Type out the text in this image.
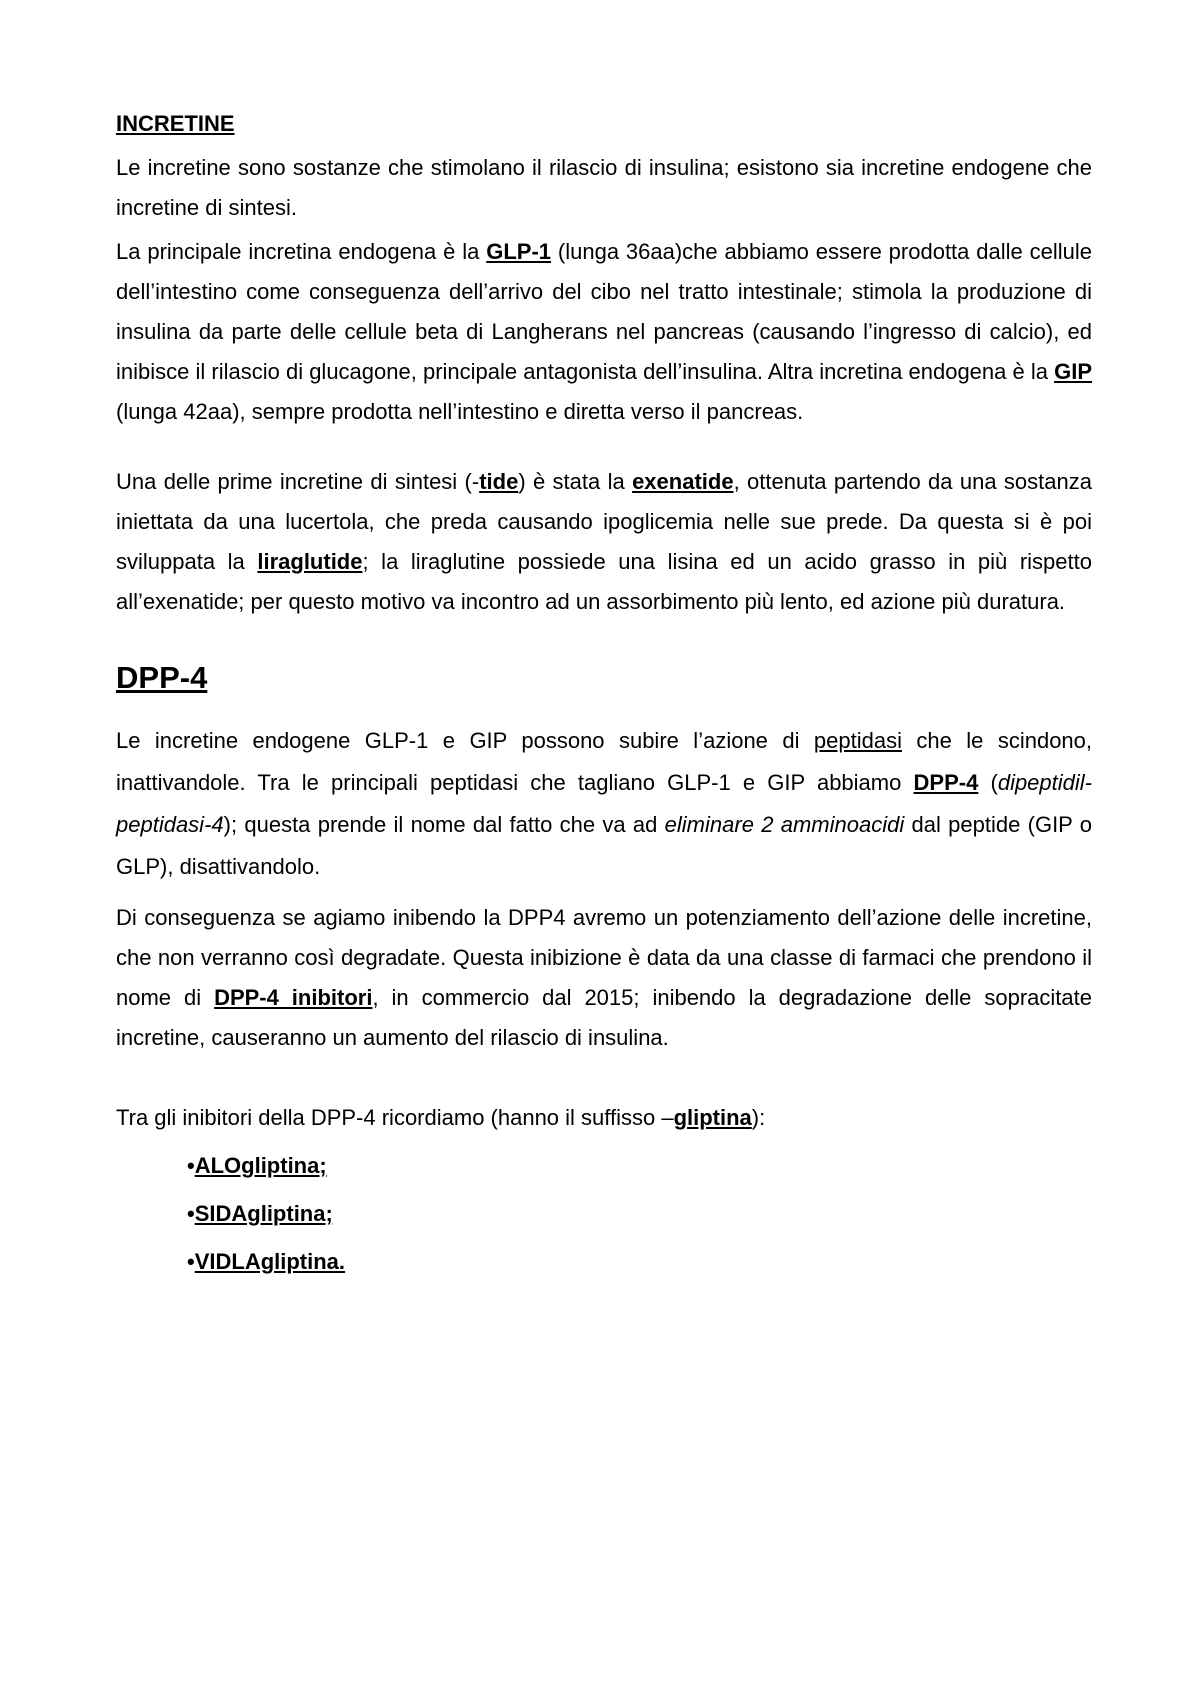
INCRETINE

Le incretine sono sostanze che stimolano il rilascio di insulina; esistono sia incretine endogene che incretine di sintesi.

La principale incretina endogena è la GLP-1 (lunga 36aa)che abbiamo essere prodotta dalle cellule dell’intestino come conseguenza dell’arrivo del cibo nel tratto intestinale; stimola la produzione di insulina da parte delle cellule beta di Langherans nel pancreas (causando l’ingresso di calcio), ed inibisce il rilascio di glucagone, principale antagonista dell’insulina. Altra incretina endogena è la GIP (lunga 42aa), sempre prodotta nell’intestino e diretta verso il pancreas.

Una delle prime incretine di sintesi (-tide) è stata la exenatide, ottenuta partendo da una sostanza iniettata da una lucertola, che preda causando ipoglicemia nelle sue prede. Da questa si è poi sviluppata la liraglutide; la liraglutine possiede una lisina ed un acido grasso in più rispetto all’exenatide; per questo motivo va incontro ad un assorbimento più lento, ed azione più duratura.

DPP-4

Le incretine endogene GLP-1 e GIP possono subire l’azione di peptidasi che le scindono, inattivandole. Tra le principali peptidasi che tagliano GLP-1 e GIP abbiamo DPP-4 (dipeptidil-peptidasi-4); questa prende il nome dal fatto che va ad eliminare 2 amminoacidi dal peptide (GIP o GLP), disattivandolo.

Di conseguenza se agiamo inibendo la DPP4 avremo un potenziamento dell’azione delle incretine, che non verranno così degradate. Questa inibizione è data da una classe di farmaci che prendono il nome di DPP-4 inibitori, in commercio dal 2015; inibendo la degradazione delle sopracitate incretine, causeranno un aumento del rilascio di insulina.

Tra gli inibitori della DPP-4 ricordiamo (hanno il suffisso –gliptina):

•ALOgliptina;
•SIDAgliptina;
•VIDLAgliptina.
